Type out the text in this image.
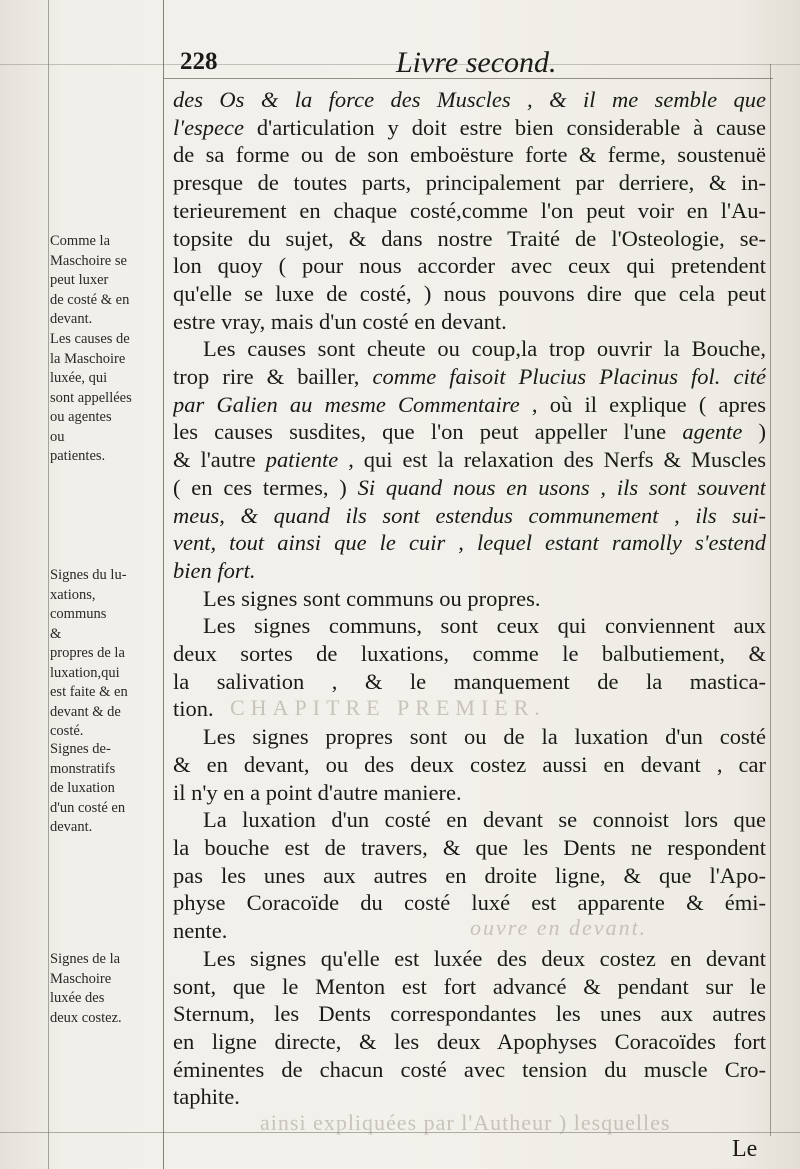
CHAPITRE PREMIER.
ouvre en devant.
ainsi expliquées par l'Autheur ) lesquelles
228	Livre second.
des Os & la force des Muscles , & il me semble que
l'espece d'articulation y doit estre bien considerable à cause
de sa forme ou de son emboësture forte & ferme, soustenuë
presque de toutes parts, principalement par derriere, & in-
terieurement en chaque costé,comme l'on peut voir en l'Au-
topsite du sujet, & dans nostre Traité de l'Osteologie, se-
lon quoy ( pour nous accorder avec ceux qui pretendent
qu'elle se luxe de costé, ) nous pouvons dire que cela peut
estre vray, mais d'un costé en devant.
Les causes sont cheute ou coup,la trop ouvrir la Bouche,
trop rire & bailler, comme faisoit Plucius Placinus fol. cité
par Galien au mesme Commentaire , où il explique ( apres
les causes susdites, que l'on peut appeller l'une agente )
& l'autre patiente , qui est la relaxation des Nerfs & Muscles
( en ces termes, ) Si quand nous en usons , ils sont souvent
meus, & quand ils sont estendus communement , ils sui-
vent, tout ainsi que le cuir , lequel estant ramolly s'estend
bien fort.
Les signes sont communs ou propres.
Les signes communs, sont ceux qui conviennent aux
deux sortes de luxations, comme le balbutiement, &
la salivation , & le manquement de la mastica-
tion.
Les signes propres sont ou de la luxation d'un costé
& en devant, ou des deux costez aussi en devant , car
il n'y en a point d'autre maniere.
La luxation d'un costé en devant se connoist lors que
la bouche est de travers, & que les Dents ne respondent
pas les unes aux autres en droite ligne, & que l'Apo-
physe Coracoïde du costé luxé est apparente & émi-
nente.
Les signes qu'elle est luxée des deux costez en devant
sont, que le Menton est fort advancé & pendant sur le
Sternum, les Dents correspondantes les unes aux autres
en ligne directe, & les deux Apophyses Coracoïdes fort
éminentes de chacun costé avec tension du muscle Cro-
taphite.
Comme la
Maschoire se
peut luxer
de costé & en
devant.
Les causes de
la Maschoire
luxée, qui
sont appellées
ou agentes
ou
patientes.
Signes du lu-
xations,
communs
&
propres de la
luxation,qui
est faite & en
devant & de
costé.
Signes de-
monstratifs
de luxation
d'un costé en
devant.
Signes de la
Maschoire
luxée des
deux costez.
Le
